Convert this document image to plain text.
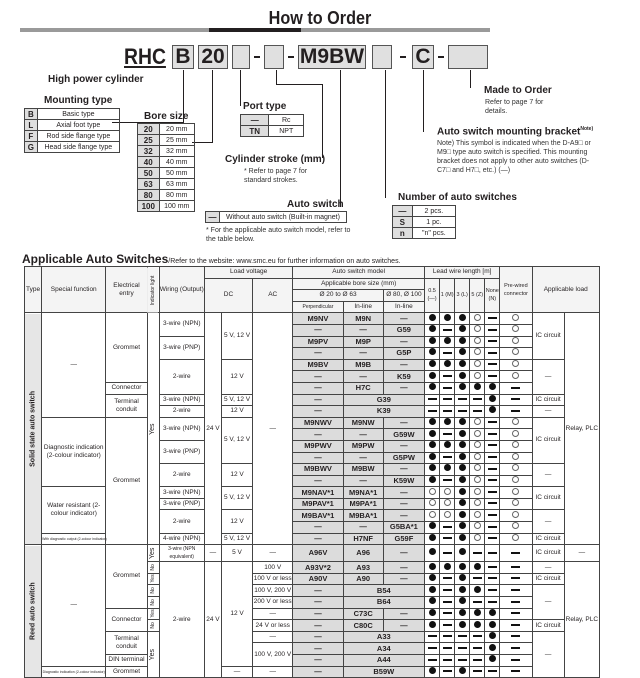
How to Order
RHC B 20	M9BW C
High power cylinder
Mounting type
B	Basic type
L	Axial foot type
F	Rod side flange type
G	Head side flange type
Bore size
20	20 mm
25	25 mm
32	32 mm
40	40 mm
50	50 mm
63	63 mm
80	80 mm
100	100 mm
Port type
—	Rc
TN	NPT
Cylinder stroke (mm)
* Refer to page 7 for standard strokes.
Auto switch
—	Without auto switch (Built-in magnet)
* For the applicable auto switch model, refer to the table below.
Made to Order
Refer to page 7 for details.
Auto switch mounting bracket$^{Note)}$
Note) This symbol is indicated when the D-A9□ or M9□ type auto switch is specified. This mounting bracket does not apply to other auto switches (D-C7□ and H7□, etc.) (—)
Number of auto switches
—	2 pcs.
S	1 pc.
n	"n" pcs.
Applicable Auto Switches/Refer to the website: www.smc.eu for further information on auto switches.
Type	Special function	Electrical entry	Indicator light	Wiring (Output)	Load voltage			Auto switch model			Lead wire length [m]					Pre-wired connector	Applicable load	
					DC		AC	Applicable bore size (mm)			0.5 (—)	1 (M)	3 (L)	5 (Z)	None (N)			
								Ø 20 to Ø 63		Ø 80, Ø 100								
								Perpendicular	In-line	In-line								
Solid state auto switch	—	Grommet	Yes	3-wire (NPN)	24 V	5 V, 12 V	—	M9NV	M9N	—							IC circuit	Relay, PLC
								—	—	G59								
				3-wire (PNP)				M9PV	M9P	—								
								—	—	G5P								
				2-wire		12 V		M9BV	M9B	—							—	
								—	—	K59								
		Connector						—	H7C	—								
		Terminal conduit		3-wire (NPN)		5 V, 12 V		—	G39								IC circuit	
				2-wire		12 V		—	K39								—	
	Diagnostic indication (2-colour indicator)	Grommet		3-wire (NPN)		5 V, 12 V		M9NWV	M9NW	—							IC circuit	
								—	—	G59W								
				3-wire (PNP)				M9PWV	M9PW	—								
								—	—	G5PW								
				2-wire		12 V		M9BWV	M9BW	—							—	
								—	—	K59W								
	Water resistant (2-colour indicator)			3-wire (NPN)		5 V, 12 V		M9NAV*1	M9NA*1	—							IC circuit	
				3-wire (PNP)				M9PAV*1	M9PA*1	—								
				2-wire		12 V		M9BAV*1	M9BA*1	—							—	
								—	—	G5BA*1								
	With diagnostic output (2-colour indicator)			4-wire (NPN)		5 V, 12 V		—	H7NF	G59F							IC circuit	
Reed auto switch	—	Grommet	Yes	3-wire (NPN equivalent)	—	5 V	—	A96V	A96	—							IC circuit	—
			No	2-wire	24 V	12 V	100 V	A93V*2	A93	—							—	Relay, PLC
			Yes				100 V or less	A90V	A90	—							IC circuit	
			No				100 V, 200 V	—	B54								—	
			No				200 V or less	—	B64									
		Connector	Yes				—	—	C73C	—								
			No				24 V or less	—	C80C	—							IC circuit	
		Terminal conduit	Yes				—	—	A33								—	
							100 V, 200 V	—	A34									
		DIN terminal						—	A44									
	Diagnostic indication (2-colour indicator)	Grommet				—	—	—	B59W									
